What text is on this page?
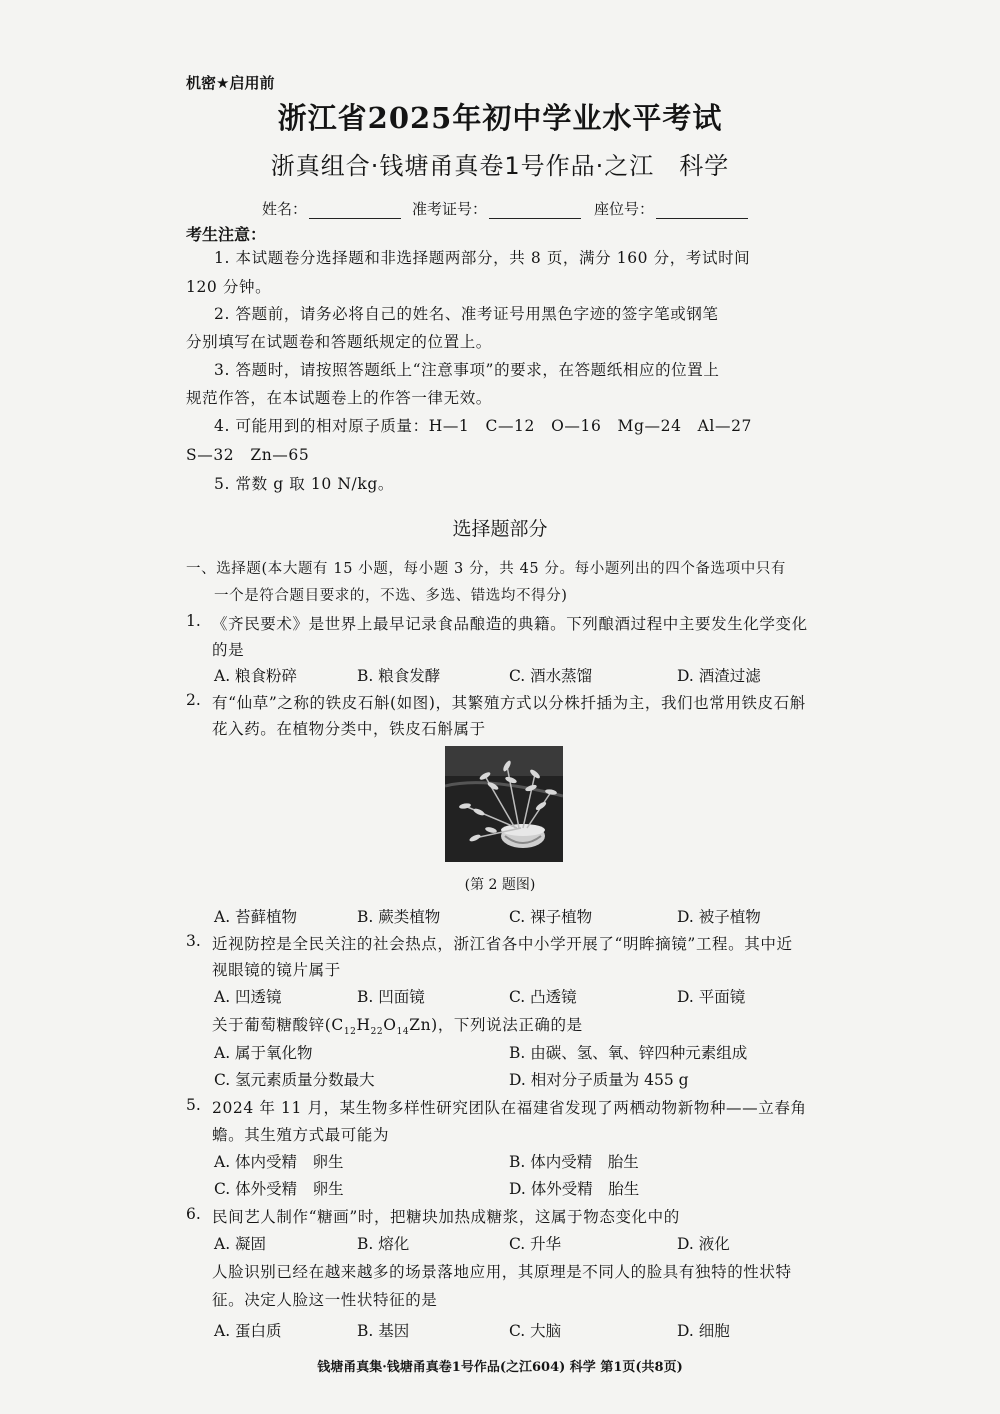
机密★启用前
浙江省2025年初中学业水平考试
浙真组合·钱塘甬真卷1号作品·之江　科学
姓名：	准考证号：	座位号：
考生注意：
1. 本试题卷分选择题和非选择题两部分，共 8 页，满分 160 分，考试时间
120 分钟。
2. 答题前，请务必将自己的姓名、准考证号用黑色字迹的签字笔或钢笔
分别填写在试题卷和答题纸规定的位置上。
3. 答题时，请按照答题纸上“注意事项”的要求，在答题纸相应的位置上
规范作答，在本试题卷上的作答一律无效。
4. 可能用到的相对原子质量：H—1　C—12　O—16　Mg—24　Al—27
S—32　Zn—65
5. 常数 g 取 10 N/kg。
选择题部分
一、选择题(本大题有 15 小题，每小题 3 分，共 45 分。每小题列出的四个备选项中只有
一个是符合题目要求的，不选、多选、错选均不得分)
1. 《齐民要术》是世界上最早记录食品酿造的典籍。下列酿酒过程中主要发生化学变化
的是
A. 粮食粉碎	B. 粮食发酵	C. 酒水蒸馏	D. 酒渣过滤
2. 有“仙草”之称的铁皮石斛(如图)，其繁殖方式以分株扦插为主，我们也常用铁皮石斛
花入药。在植物分类中，铁皮石斛属于
(第 2 题图)
A. 苔藓植物	B. 蕨类植物	C. 裸子植物	D. 被子植物
3. 近视防控是全民关注的社会热点，浙江省各中小学开展了“明眸摘镜”工程。其中近
视眼镜的镜片属于
A. 凹透镜	B. 凹面镜	C. 凸透镜	D. 平面镜
关于葡萄糖酸锌$(C_{12}H_{22}O_{14}Zn)$，下列说法正确的是
A. 属于氧化物	B. 由碳、氢、氧、锌四种元素组成
C. 氢元素质量分数最大	D. 相对分子质量为 455 g
5. 2024 年 11 月，某生物多样性研究团队在福建省发现了两栖动物新物种——立春角
蟾。其生殖方式最可能为
A. 体内受精　卵生	B. 体内受精　胎生
C. 体外受精　卵生	D. 体外受精　胎生
6. 民间艺人制作“糖画”时，把糖块加热成糖浆，这属于物态变化中的
A. 凝固	B. 熔化	C. 升华	D. 液化
人脸识别已经在越来越多的场景落地应用，其原理是不同人的脸具有独特的性状特
征。决定人脸这一性状特征的是
A. 蛋白质	B. 基因	C. 大脑	D. 细胞
钱塘甬真集·钱塘甬真卷1号作品(之江604) 科学 第1页(共8页)
